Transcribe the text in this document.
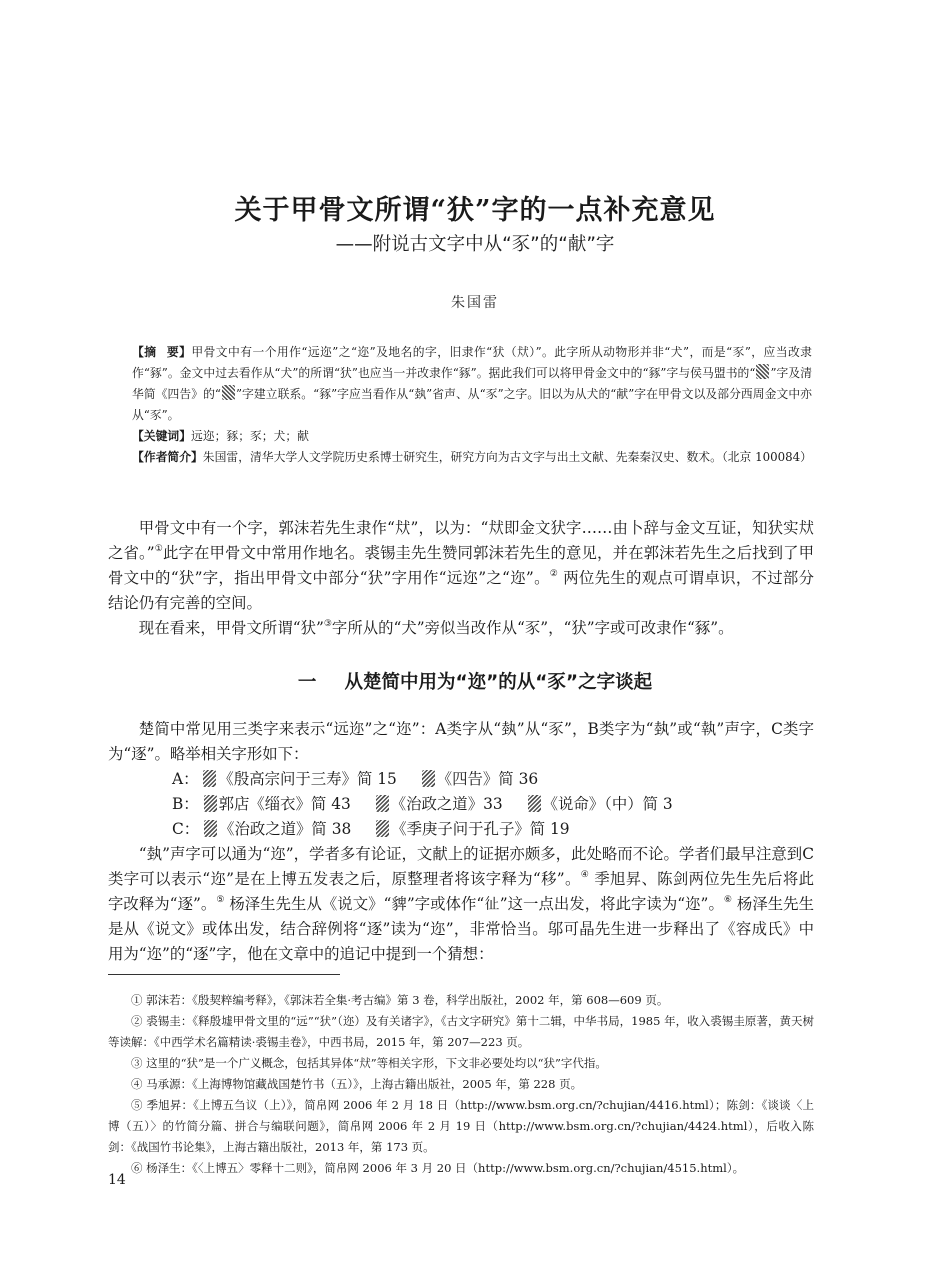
关于甲骨文所谓“犾”字的一点补充意见
——附说古文字中从“豕”的“献”字
朱国雷

【摘 要】甲骨文中有一个用作“远迩”之“迩”及地名的字，旧隶作“犾（㹜）”。此字所从动物形并非“犬”，而是“豕”，应当改隶作“豩”。金文中过去看作从“犬”的所谓“犾”也应当一并改隶作“豩”。据此我们可以将甲骨金文中的“豩”字与侯马盟书的“ ”字及清华简《四告》的“ ”字建立联系。“豩”字应当看作从“埶”省声、从“豕”之字。旧以为从犬的“献”字在甲骨文以及部分西周金文中亦从“豕”。

【关键词】远迩；豩；豕；犬；献

【作者简介】朱国雷，清华大学人文学院历史系博士研究生，研究方向为古文字与出土文献、先秦秦汉史、数术。（北京 100084）

甲骨文中有一个字，郭沫若先生隶作“㹜”，以为：“㹜即金文犾字……由卜辞与金文互证，知犾实㹜之省。”①此字在甲骨文中常用作地名。裘锡圭先生赞同郭沫若先生的意见，并在郭沫若先生之后找到了甲骨文中的“犾”字，指出甲骨文中部分“犾”字用作“远迩”之“迩”。② 两位先生的观点可谓卓识，不过部分结论仍有完善的空间。

现在看来，甲骨文所谓“犾”③字所从的“犬”旁似当改作从“豕”，“犾”字或可改隶作“豩”。

一 从楚简中用为“迩”的从“豕”之字谈起

楚简中常见用三类字来表示“远迩”之“迩”：A类字从“埶”从“豕”，B类字为“埶”或“執”声字，C类字为“逐”。略举相关字形如下：

A： 《殷高宗问于三寿》简 15	《四告》简 36
B： 郭店《缁衣》简 43	《治政之道》33	《说命》（中）简 3
C： 《治政之道》简 38	《季庚子问于孔子》简 19

“埶”声字可以通为“迩”，学者多有论证，文献上的证据亦颇多，此处略而不论。学者们最早注意到C类字可以表示“迩”是在上博五发表之后，原整理者将该字释为“移”。④ 季旭昇、陈剑两位先生先后将此字改释为“逐”。⑤ 杨泽生先生从《说文》“貏”字或体作“𢓊”这一点出发，将此字读为“迩”。⑥ 杨泽生先生是从《说文》或体出发，结合辞例将“逐”读为“迩”，非常恰当。邬可晶先生进一步释出了《容成氏》中用为“迩”的“逐”字，他在文章中的追记中提到一个猜想：

① 郭沫若：《殷契粹编考释》，《郭沫若全集·考古编》第 3 卷，科学出版社，2002 年，第 608—609 页。

② 裘锡圭：《释殷墟甲骨文里的“远”“犾”（迩）及有关诸字》，《古文字研究》第十二辑，中华书局，1985 年，收入裘锡圭原著，黄天树等读解：《中西学术名篇精读·裘锡圭卷》，中西书局，2015 年，第 207—223 页。

③ 这里的“犾”是一个广义概念，包括其异体“㹜”等相关字形，下文非必要处均以“犾”字代指。

④ 马承源：《上海博物馆藏战国楚竹书（五）》，上海古籍出版社，2005 年，第 228 页。

⑤ 季旭昇：《上博五刍议（上）》，简帛网 2006 年 2 月 18 日（http://www.bsm.org.cn/?chujian/4416.html）；陈剑：《谈谈〈上博（五）〉的竹简分篇、拼合与编联问题》，简帛网 2006 年 2 月 19 日（http://www.bsm.org.cn/?chujian/4424.html），后收入陈剑：《战国竹书论集》，上海古籍出版社，2013 年，第 173 页。

⑥ 杨泽生：《〈上博五〉零释十二则》，简帛网 2006 年 3 月 20 日（http://www.bsm.org.cn/?chujian/4515.html）。

14
